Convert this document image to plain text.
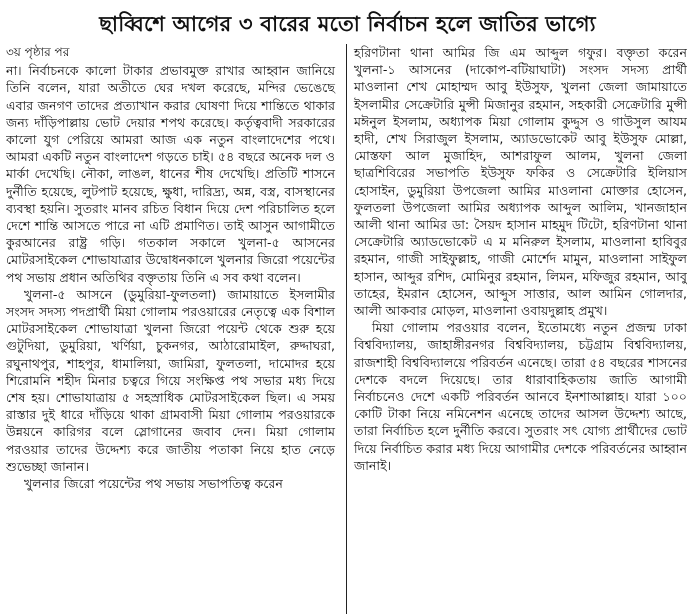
ছাব্বিশে আগের ৩ বারের মতো নির্বাচন হলে জাতির ভাগ্যে

৩য় পৃষ্ঠার পর

না। নির্বাচনকে কালো টাকার প্রভাবমুক্ত রাখার আহ্বান জানিয়ে তিনি বলেন, যারা অতীতে ঘের দখল করেছে, মন্দির ভেঙেছে এবার জনগণ তাদের প্রত্যাখান করার ঘোষণা দিয়ে শান্তিতে থাকার জন্য দাঁড়িপাল্লায় ভোট দেয়ার শপথ করেছে। কর্তৃত্ববাদী সরকারের কালো যুগ পেরিয়ে আমরা আজ এক নতুন বাংলাদেশের পথে। আমরা একটি নতুন বাংলাদেশ গড়তে চাই। ৫৪ বছরে অনেক দল ও মার্কা দেখেছি। নৌকা, লাঙল, ধানের শীষ দেখেছি। প্রতিটি শাসনে দুর্নীতি হয়েছে, লুটপাট হয়েছে, ক্ষুধা, দারিদ্র্য, অন্ন, বস্ত্র, বাসস্থানের ব্যবস্থা হয়নি। সুতরাং মানব রচিত বিধান দিয়ে দেশ পরিচালিত হলে দেশে শান্তি আসতে পারে না এটি প্রমাণিত। তাই আসুন আগামীতে কুরআনের রাষ্ট্র গড়ি। গতকাল সকালে খুলনা-৫ আসনের মোটরসাইকেল শোভাযাত্রার উদ্বোধনকালে খুলনার জিরো পয়েন্টের পথ সভায় প্রধান অতিথির বক্তৃতায় তিনি এ সব কথা বলেন।

খুলনা-৫ আসনে (ডুমুরিয়া-ফুলতলা) জামায়াতে ইসলামীর সংসদ সদস্য পদপ্রার্থী মিয়া গোলাম পরওয়ারের নেতৃত্বে এক বিশাল মোটরসাইকেল শোভাযাত্রা খুলনা জিরো পয়েন্ট থেকে শুরু হয়ে গুটুদিয়া, ডুমুরিয়া, খর্ণিয়া, চুকনগর, আঠারোমাইল, রুদ্দাঘরা, রঘুনাথপুর, শাহপুর, ধামালিয়া, জামিরা, ফুলতলা, দামোদর হয়ে শিরোমনি শহীদ মিনার চত্বরে গিয়ে সংক্ষিপ্ত পথ সভার মধ্য দিয়ে শেষ হয়। শোভাযাত্রায় ৫ সহস্রাধিক মোটরসাইকেল ছিল। এ সময় রাস্তার দুই ধারে দাঁড়িয়ে থাকা গ্রামবাসী মিয়া গোলাম পরওয়ারকে উন্নয়নে কারিগর বলে স্লোগানের জবাব দেন। মিয়া গোলাম পরওয়ার তাদের উদ্দেশ্য করে জাতীয় পতাকা নিয়ে হাত নেড়ে শুভেচ্ছা জানান।

খুলনার জিরো পয়েন্টের পথ সভায় সভাপতিত্ব করেন

হরিণটানা থানা আমির জি এম আব্দুল গফুর। বক্তৃতা করেন খুলনা-১ আসনের (দাকোপ-বটিয়াঘাটা) সংসদ সদস্য প্রার্থী মাওলানা শেখ মোহাম্মদ আবু ইউসুফ, খুলনা জেলা জামায়াতে ইসলামীর সেক্রেটারি মুন্সী মিজানুর রহমান, সহকারী সেক্রেটারি মুন্সী মঈনুল ইসলাম, অধ্যাপক মিয়া গোলাম কুদ্দুস ও গাউসুল আযম হাদী, শেখ সিরাজুল ইসলাম, অ্যাডভোকেট আবু ইউসুফ মোল্লা, মোস্তফা আল মুজাহিদ, আশরাফুল আলম, খুলনা জেলা ছাত্রশিবিরের সভাপতি ইউসুফ ফকির ও সেক্রেটারি ইলিয়াস হোসাইন, ডুমুরিয়া উপজেলা আমির মাওলানা মোক্তার হোসেন, ফুলতলা উপজেলা আমির অধ্যাপক আব্দুল আলিম, খানজাহান আলী থানা আমির ডা: সৈয়দ হাসান মাহমুদ টিটো, হরিণটানা থানা সেক্রেটারি অ্যাডভোকেট এ ম মনিরুল ইসলাম, মাওলানা হাবিবুর রহমান, গাজী সাইফুল্লাহ, গাজী মোর্শেদ মামুন, মাওলানা সাইফুল হাসান, আব্দুর রশিদ, মোমিনুর রহমান, লিমন, মফিজুর রহমান, আবু তাহের, ইমরান হোসেন, আব্দুস সাত্তার, আল আমিন গোলদার, আলী আকবার মোড়ল, মাওলানা ওবায়দুল্লাহ প্রমুখ।

মিয়া গোলাম পরওয়ার বলেন, ইতোমধ্যে নতুন প্রজন্ম ঢাকা বিশ্ববিদ্যালয়, জাহাঙ্গীরনগর বিশ্ববিদ্যালয়, চট্টগ্রাম বিশ্ববিদ্যালয়, রাজশাহী বিশ্ববিদ্যালয়ে পরিবর্তন এনেছে। তারা ৫৪ বছরের শাসনের দেশকে বদলে দিয়েছে। তার ধারাবাহিকতায় জাতি আগামী নির্বাচনেও দেশে একটি পরিবর্তন আনবে ইনশাআল্লাহ। যারা ১০০ কোটি টাকা নিয়ে নমিনেশন এনেছে তাদের আসল উদ্দেশ্য আছে, তারা নির্বাচিত হলে দুর্নীতি করবে। সুতরাং সৎ যোগ্য প্রার্থীদের ভোট দিয়ে নির্বাচিত করার মধ্য দিয়ে আগামীর দেশকে পরিবর্তনের আহ্বান জানাই।
